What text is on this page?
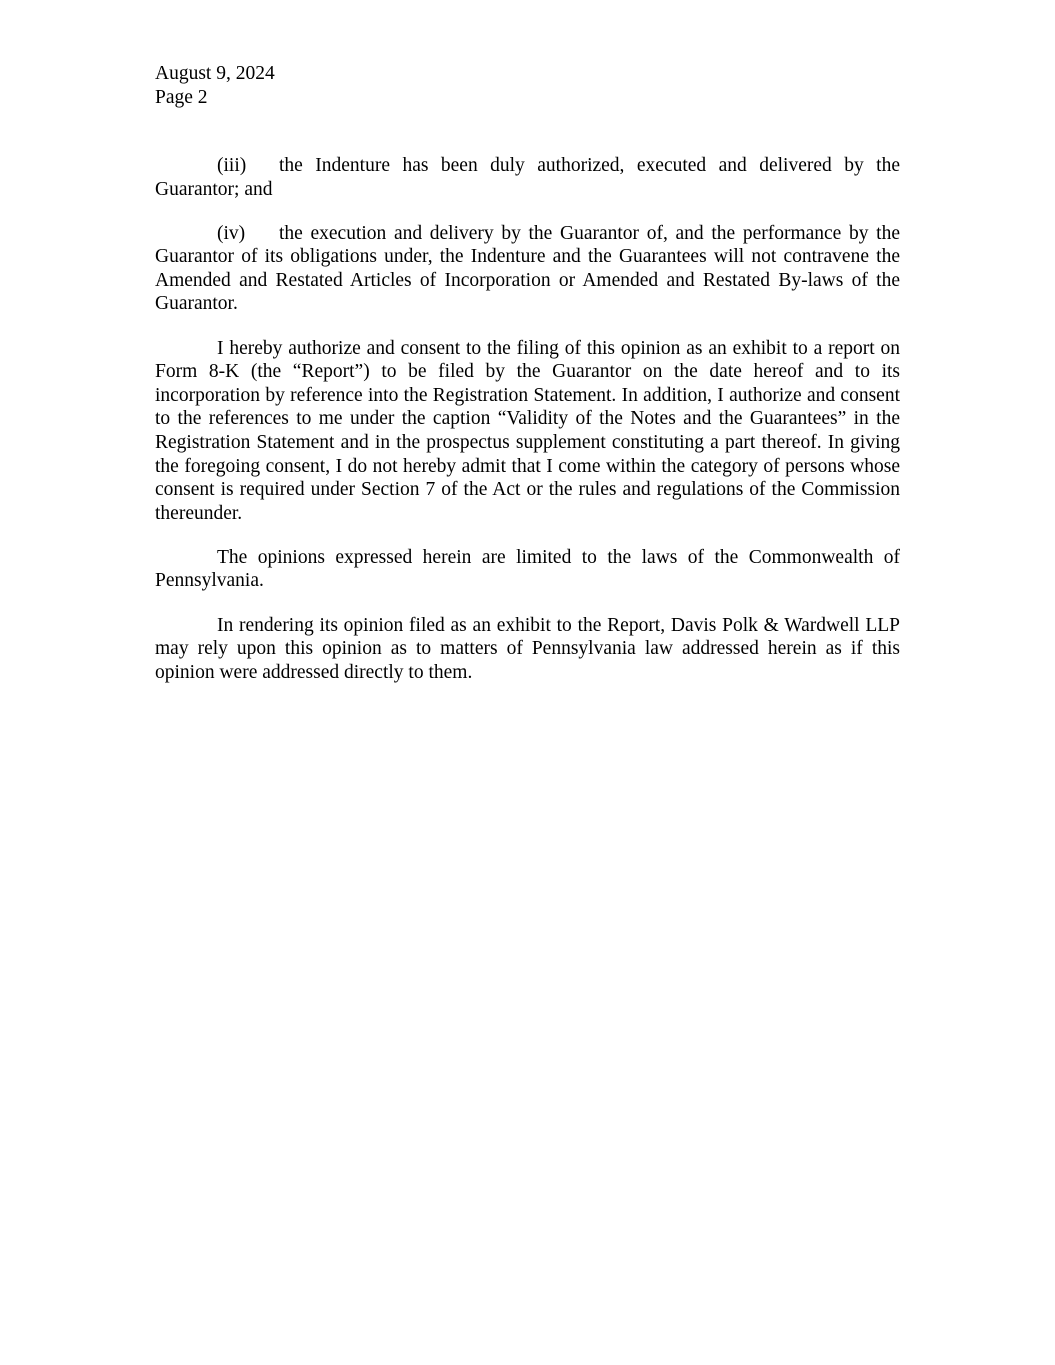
August 9, 2024
Page 2

(iii) the Indenture has been duly authorized, executed and delivered by the Guarantor; and

(iv) the execution and delivery by the Guarantor of, and the performance by the Guarantor of its obligations under, the Indenture and the Guarantees will not contravene the Amended and Restated Articles of Incorporation or Amended and Restated By-laws of the Guarantor.

I hereby authorize and consent to the filing of this opinion as an exhibit to a report on Form 8-K (the “Report”) to be filed by the Guarantor on the date hereof and to its incorporation by reference into the Registration Statement. In addition, I authorize and consent to the references to me under the caption “Validity of the Notes and the Guarantees” in the Registration Statement and in the prospectus supplement constituting a part thereof. In giving the foregoing consent, I do not hereby admit that I come within the category of persons whose consent is required under Section 7 of the Act or the rules and regulations of the Commission thereunder.

The opinions expressed herein are limited to the laws of the Commonwealth of Pennsylvania.

In rendering its opinion filed as an exhibit to the Report, Davis Polk & Wardwell LLP may rely upon this opinion as to matters of Pennsylvania law addressed herein as if this opinion were addressed directly to them.
